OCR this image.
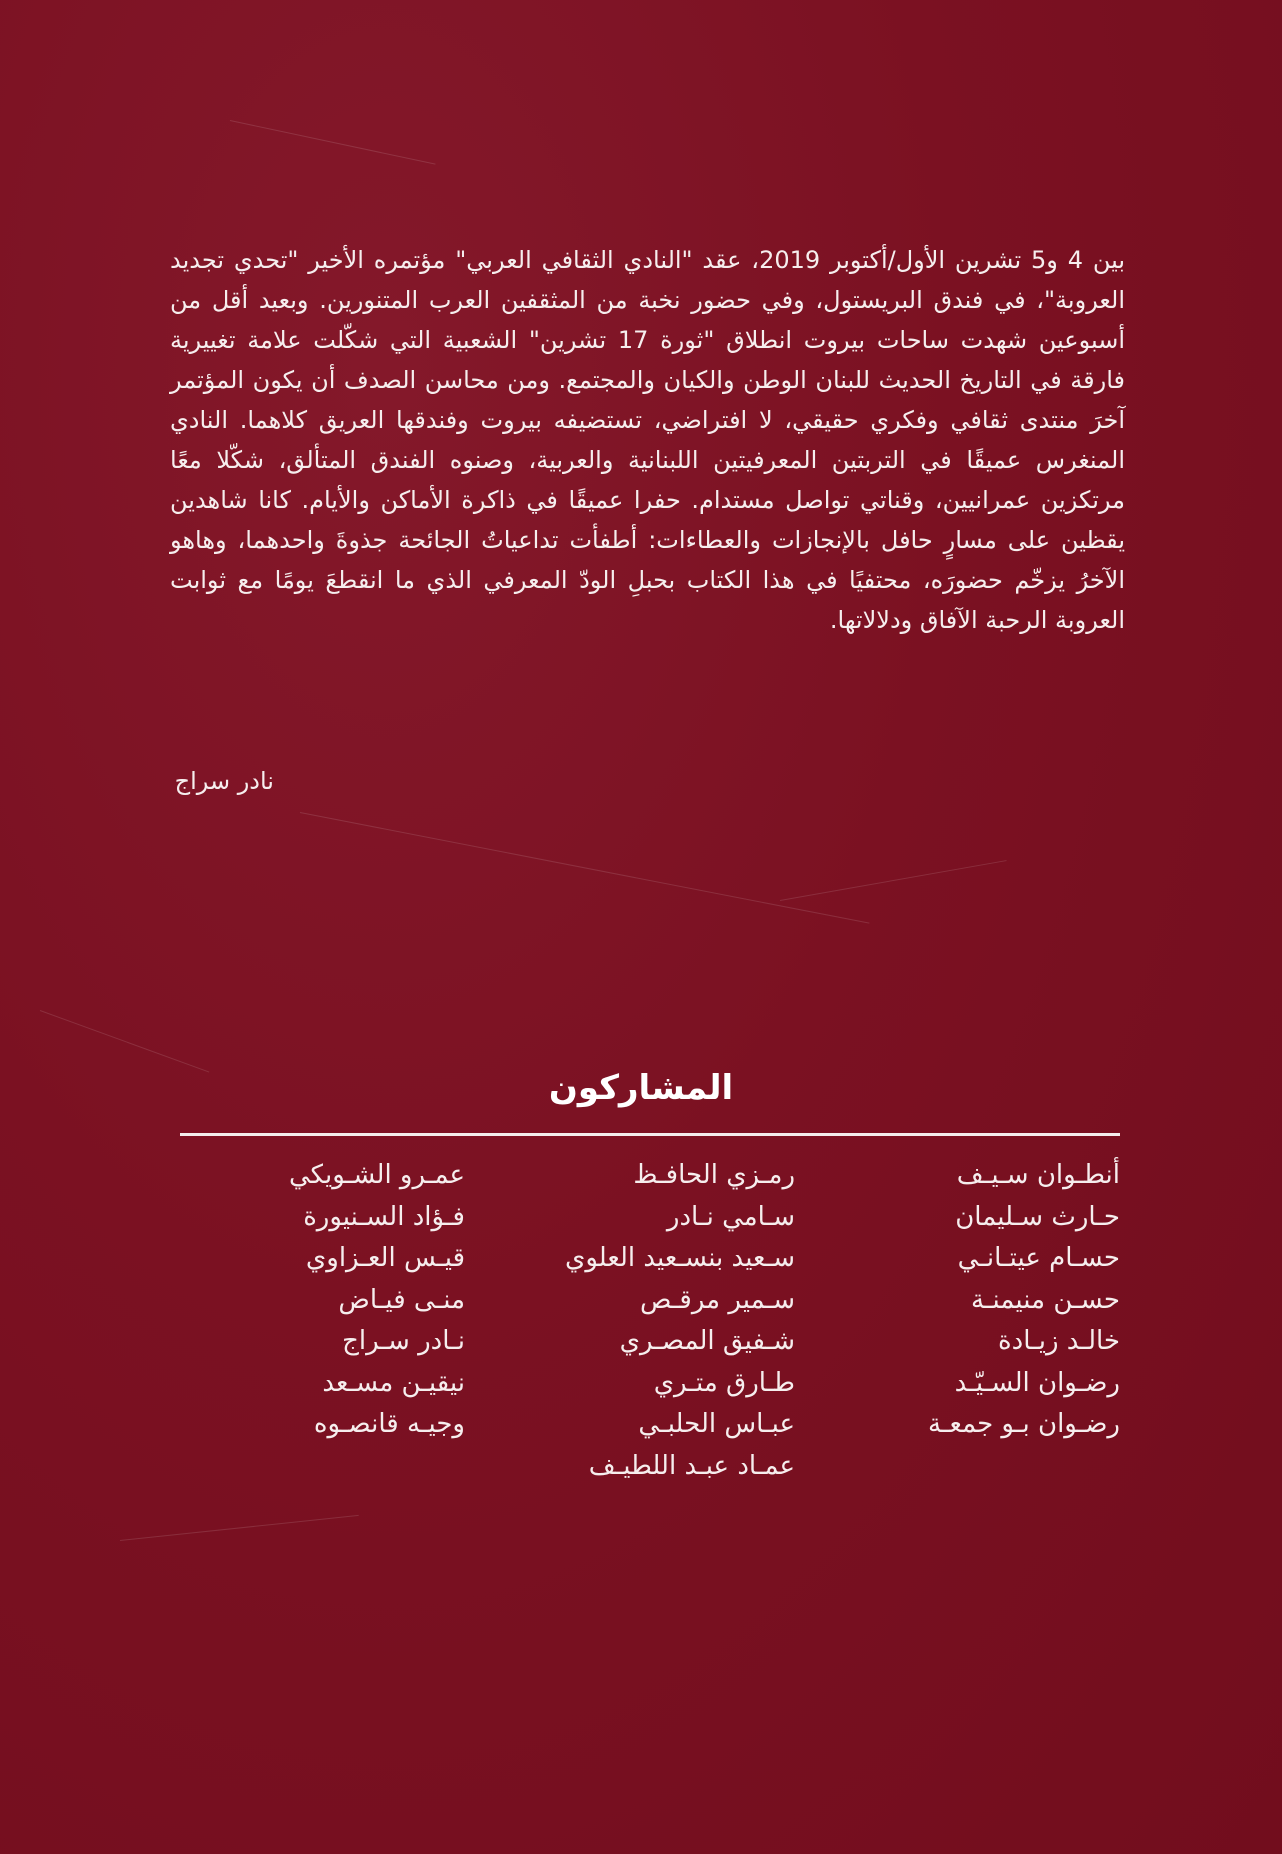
بين 4 و5 تشرين الأول/أكتوبر 2019، عقد "النادي الثقافي العربي" مؤتمره الأخير "تحدي تجديد
العروبة"، في فندق البريستول، وفي حضور نخبة من المثقفين العرب المتنورين. وبعيد أقل من
أسبوعين شهدت ساحات بيروت انطلاق "ثورة 17 تشرين" الشعبية التي شكّلت علامة تغييرية
فارقة في التاريخ الحديث للبنان الوطن والكيان والمجتمع. ومن محاسن الصدف أن يكون المؤتمر
آخرَ منتدى ثقافي وفكري حقيقي، لا افتراضي، تستضيفه بيروت وفندقها العريق كلاهما. النادي
المنغرس عميقًا في التربتين المعرفيتين اللبنانية والعربية، وصنوه الفندق المتألق، شكّلا معًا
مرتكزين عمرانيين، وقناتي تواصل مستدام. حفرا عميقًا في ذاكرة الأماكن والأيام. كانا شاهدين
يقظين على مسارٍ حافل بالإنجازات والعطاءات: أطفأت تداعياتُ الجائحة جذوةَ واحدهما، وهاهو
الآخرُ يزخّم حضورَه، محتفيًا في هذا الكتاب بحبلِ الودّ المعرفي الذي ما انقطعَ يومًا مع ثوابت
العروبة الرحبة الآفاق ودلالاتها.
نادر سراج
المشاركون
أنطـوان سـيـف
حـارث سـليمان
حسـام عيتـانـي
حسـن منيمنـة
خالـد زيـادة
رضـوان السـيّـد
رضـوان بـو جمعـة
رمـزي الحافـظ
سـامي نـادر
سـعيد بنسـعيد العلوي
سـمير مرقـص
شـفيق المصـري
طـارق متـري
عبـاس الحلبـي
عمـاد عبـد اللطيـف
عمـرو الشـويكي
فـؤاد السـنيورة
قيـس العـزاوي
منـى فيـاض
نـادر سـراج
نيقيـن مسـعد
وجيـه قانصـوه
